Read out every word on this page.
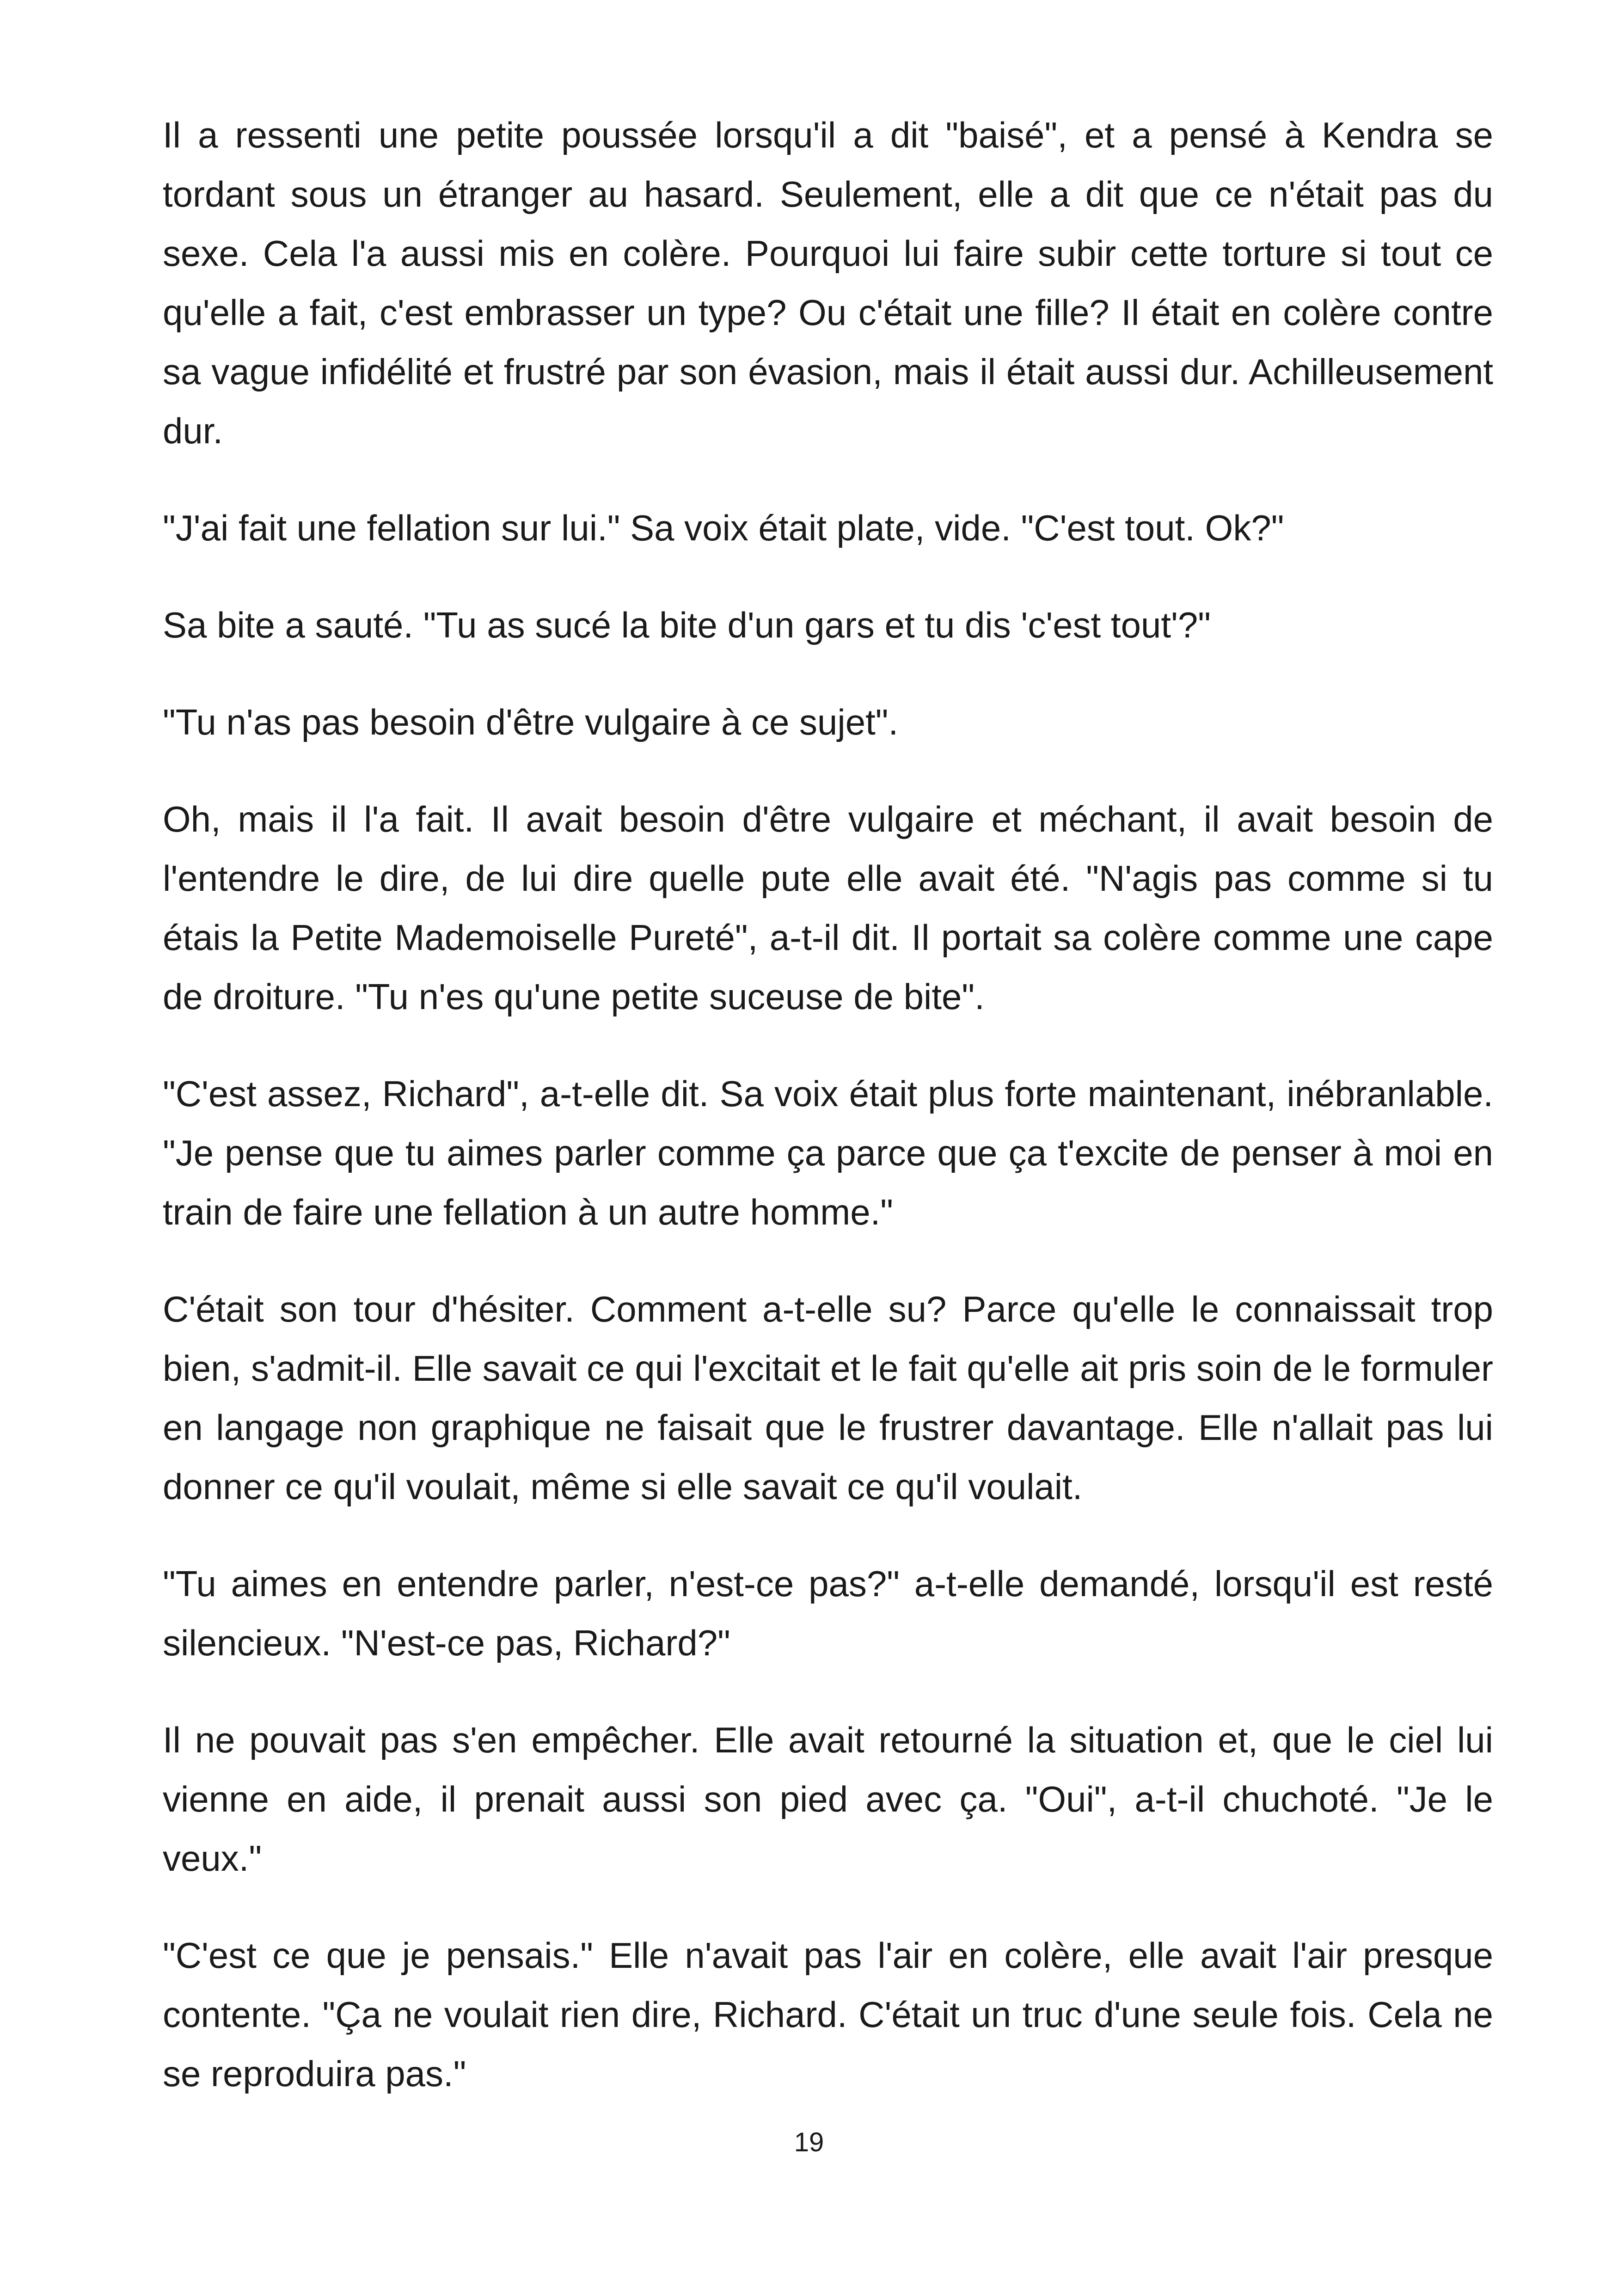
Il a ressenti une petite poussée lorsqu'il a dit "baisé", et a pensé à Kendra se tordant sous un étranger au hasard. Seulement, elle a dit que ce n'était pas du sexe. Cela l'a aussi mis en colère. Pourquoi lui faire subir cette torture si tout ce qu'elle a fait, c'est embrasser un type? Ou c'était une fille? Il était en colère contre sa vague infidélité et frustré par son évasion, mais il était aussi dur. Achilleusement dur.

"J'ai fait une fellation sur lui." Sa voix était plate, vide. "C'est tout. Ok?"

Sa bite a sauté. "Tu as sucé la bite d'un gars et tu dis 'c'est tout'?"

"Tu n'as pas besoin d'être vulgaire à ce sujet".

Oh, mais il l'a fait. Il avait besoin d'être vulgaire et méchant, il avait besoin de l'entendre le dire, de lui dire quelle pute elle avait été. "N'agis pas comme si tu étais la Petite Mademoiselle Pureté", a-t-il dit. Il portait sa colère comme une cape de droiture. "Tu n'es qu'une petite suceuse de bite".

"C'est assez, Richard", a-t-elle dit. Sa voix était plus forte maintenant, inébranlable. "Je pense que tu aimes parler comme ça parce que ça t'excite de penser à moi en train de faire une fellation à un autre homme."

C'était son tour d'hésiter. Comment a-t-elle su? Parce qu'elle le connaissait trop bien, s'admit-il. Elle savait ce qui l'excitait et le fait qu'elle ait pris soin de le formuler en langage non graphique ne faisait que le frustrer davantage. Elle n'allait pas lui donner ce qu'il voulait, même si elle savait ce qu'il voulait.

"Tu aimes en entendre parler, n'est-ce pas?" a-t-elle demandé, lorsqu'il est resté silencieux. "N'est-ce pas, Richard?"

Il ne pouvait pas s'en empêcher. Elle avait retourné la situation et, que le ciel lui vienne en aide, il prenait aussi son pied avec ça. "Oui", a-t-il chuchoté. "Je le veux."

"C'est ce que je pensais." Elle n'avait pas l'air en colère, elle avait l'air presque contente. "Ça ne voulait rien dire, Richard. C'était un truc d'une seule fois. Cela ne se reproduira pas."

19
